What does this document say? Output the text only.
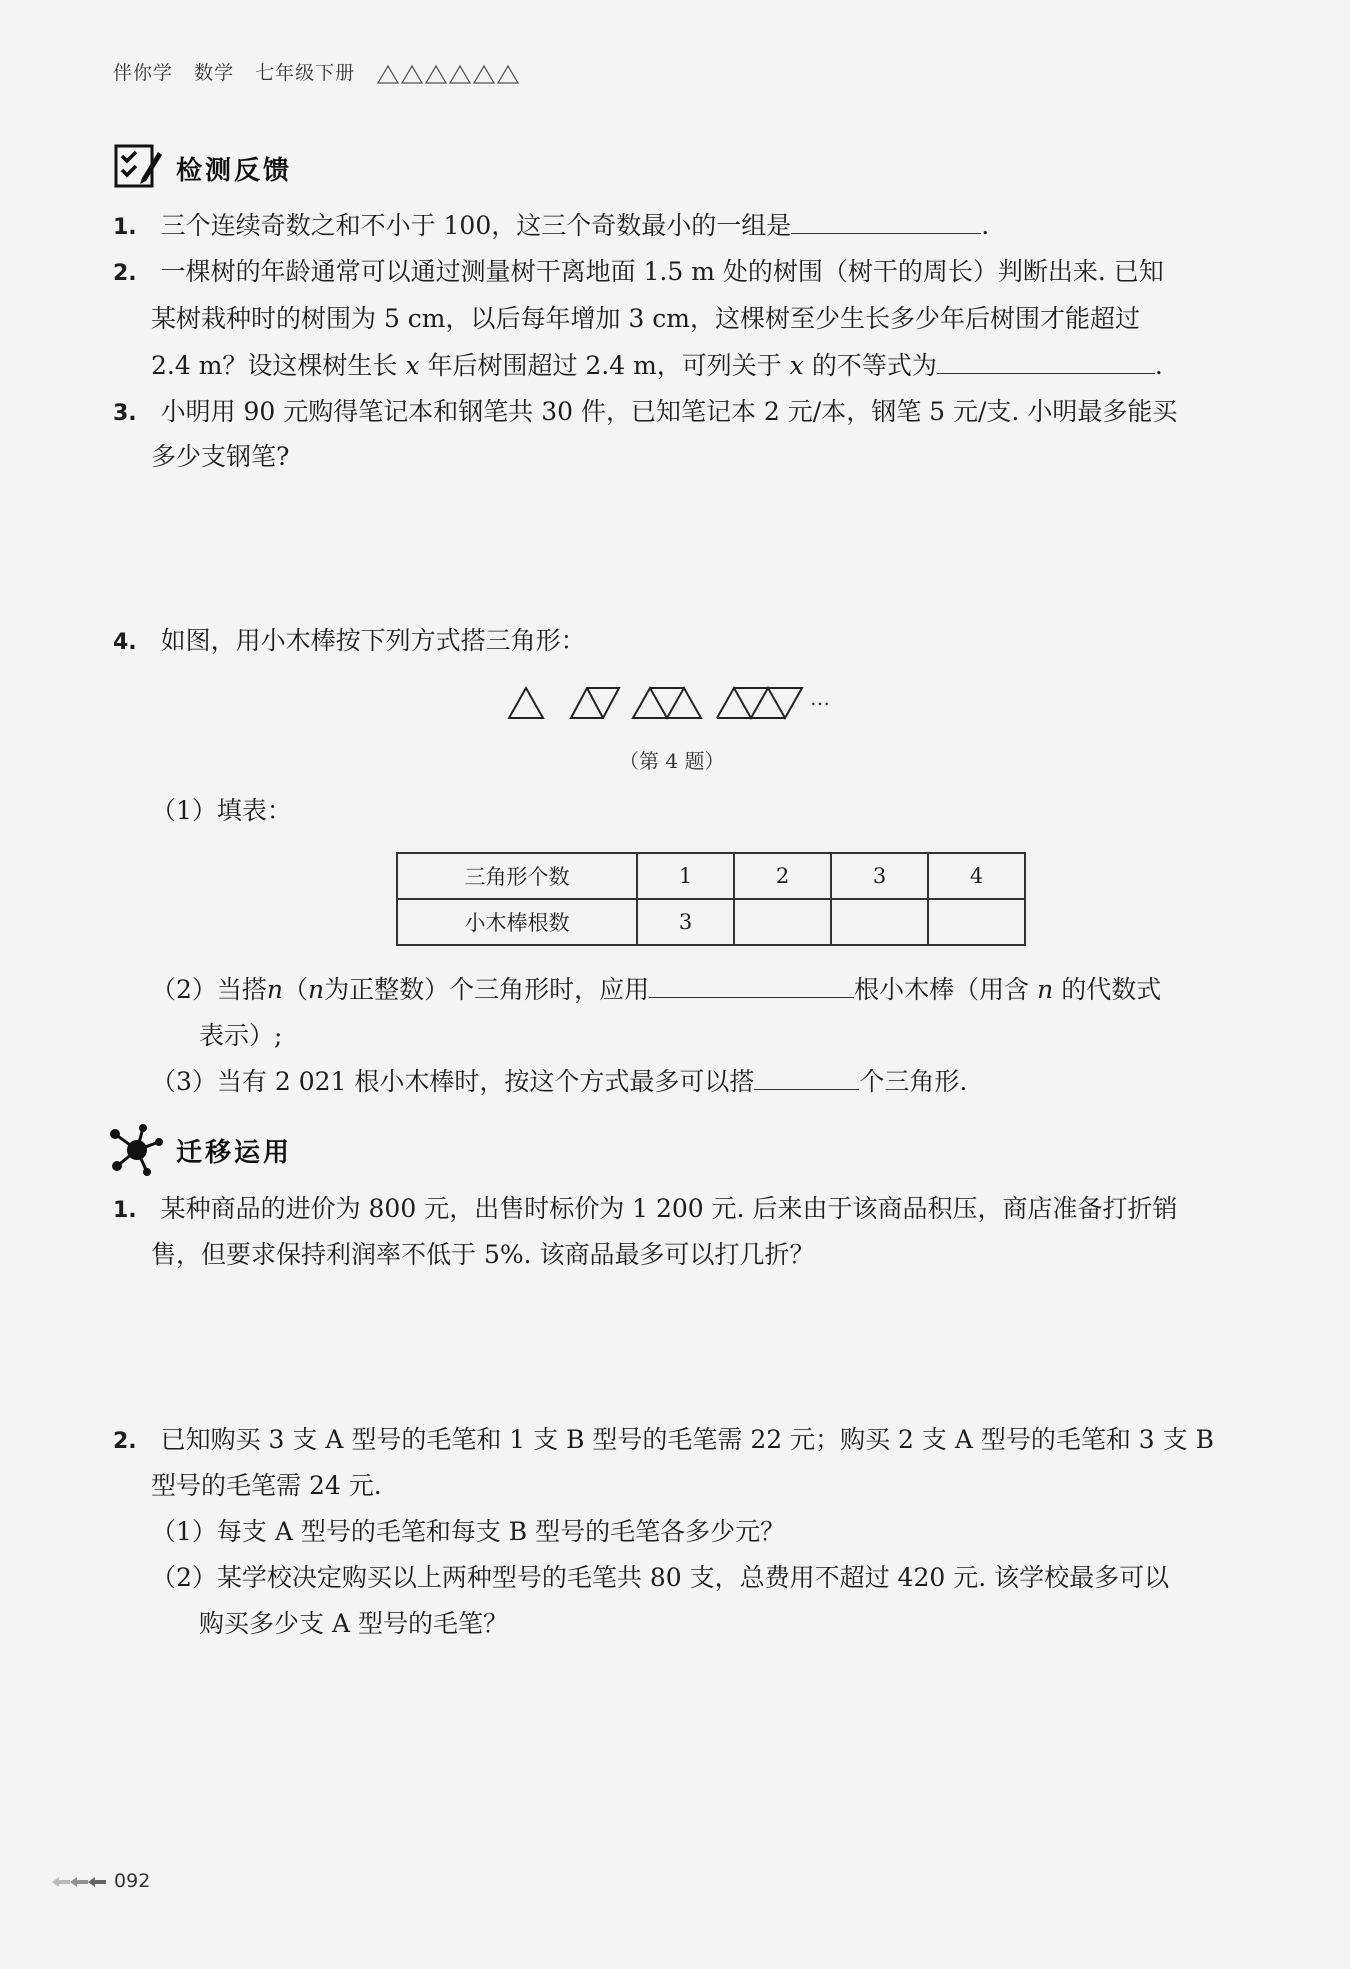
伴你学 数学 七年级下册
检测反馈
1. 三个连续奇数之和不小于 100，这三个奇数最小的一组是	.
2. 一棵树的年龄通常可以通过测量树干离地面 1.5 m 处的树围（树干的周长）判断出来. 已知
某树栽种时的树围为 5 cm，以后每年增加 3 cm，这棵树至少生长多少年后树围才能超过
2.4 m？设这棵树生长 x 年后树围超过 2.4 m，可列关于 x 的不等式为	.
3. 小明用 90 元购得笔记本和钢笔共 30 件，已知笔记本 2 元/本，钢笔 5 元/支. 小明最多能买
多少支钢笔?
4. 如图，用小木棒按下列方式搭三角形：
…
（第 4 题）
（1）填表：
三角形个数	1	2	3	4
小木棒根数	3			
（2）当搭n（n为正整数）个三角形时，应用	根小木棒（用含 n 的代数式
表示）;
（3）当有 2 021 根小木棒时，按这个方式最多可以搭	个三角形.
迁移运用
1. 某种商品的进价为 800 元，出售时标价为 1 200 元. 后来由于该商品积压，商店准备打折销
售，但要求保持利润率不低于 5%. 该商品最多可以打几折？
2. 已知购买 3 支 A 型号的毛笔和 1 支 B 型号的毛笔需 22 元；购买 2 支 A 型号的毛笔和 3 支 B
型号的毛笔需 24 元.
（1）每支 A 型号的毛笔和每支 B 型号的毛笔各多少元？
（2）某学校决定购买以上两种型号的毛笔共 80 支，总费用不超过 420 元. 该学校最多可以
购买多少支 A 型号的毛笔？
092
